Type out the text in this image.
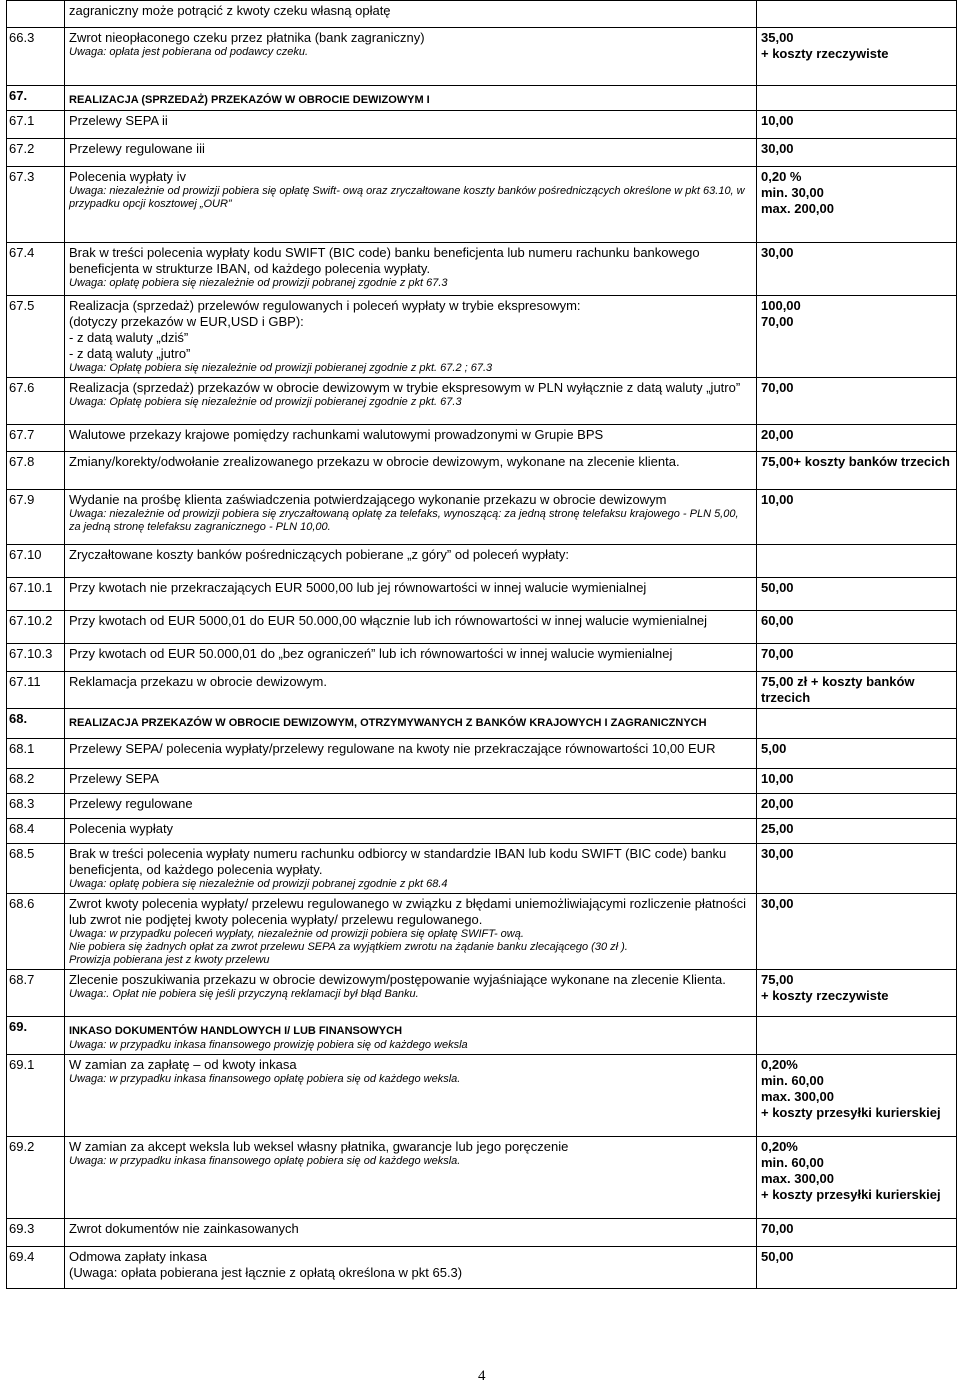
	zagraniczny może potrącić z kwoty czeku własną opłatę	

66.3	Zwrot nieopłaconego czeku przez płatnika (bank zagraniczny)
Uwaga: opłata jest pobierana od podawcy czeku.	35,00
+ koszty rzeczywiste
67.	REALIZACJA (SPRZEDAŻ) PRZEKAZÓW W OBROCIE DEWIZOWYM I	

67.1	Przelewy SEPA ii	10,00
67.2	Przelewy regulowane iii	30,00
67.3	Polecenia wypłaty iv
Uwaga: niezależnie od prowizji pobiera się opłatę Swift- ową oraz zryczałtowane koszty banków pośredniczących określone w pkt 63.10, w przypadku opcji kosztowej „OUR”	0,20 %
min. 30,00
max. 200,00
67.4	Brak w treści polecenia wypłaty kodu SWIFT (BIC code) banku beneficjenta lub numeru rachunku bankowego beneficjenta w strukturze IBAN, od każdego polecenia wypłaty.
Uwaga: opłatę pobiera się niezależnie od prowizji pobranej zgodnie z pkt 67.3	30,00
67.5	Realizacja (sprzedaż) przelewów regulowanych i poleceń wypłaty w trybie ekspresowym:
(dotyczy przekazów w EUR,USD i GBP):
- z datą waluty „dziś”
- z datą waluty „jutro”
Uwaga: Opłatę pobiera się niezależnie od prowizji pobieranej zgodnie z pkt. 67.2 ; 67.3	100,00
70,00
67.6	Realizacja (sprzedaż) przekazów w obrocie dewizowym w trybie ekspresowym w PLN wyłącznie z datą waluty „jutro”
Uwaga: Opłatę pobiera się niezależnie od prowizji pobieranej zgodnie z pkt. 67.3	70,00
67.7	Walutowe przekazy krajowe pomiędzy rachunkami walutowymi prowadzonymi w Grupie BPS	20,00
67.8	Zmiany/korekty/odwołanie zrealizowanego przekazu w obrocie dewizowym, wykonane na zlecenie klienta.	75,00+ koszty banków trzecich
67.9	Wydanie na prośbę klienta zaświadczenia potwierdzającego wykonanie przekazu w obrocie dewizowym
Uwaga: niezależnie od prowizji pobiera się zryczałtowaną opłatę za telefaks, wynoszącą: za jedną stronę telefaksu krajowego - PLN 5,00, za jedną stronę telefaksu zagranicznego - PLN 10,00.	10,00
67.10	Zryczałtowane koszty banków pośredniczących pobierane „z góry” od poleceń wypłaty:	

67.10.1	Przy kwotach nie przekraczających EUR 5000,00 lub jej równowartości w innej walucie wymienialnej	50,00
67.10.2	Przy kwotach od EUR 5000,01 do EUR 50.000,00 włącznie lub ich równowartości w innej walucie wymienialnej	60,00
67.10.3	Przy kwotach od EUR 50.000,01 do „bez ograniczeń” lub ich równowartości w innej walucie wymienialnej	70,00
67.11	Reklamacja przekazu w obrocie dewizowym.	75,00 zł + koszty banków trzecich
68.	REALIZACJA PRZEKAZÓW W OBROCIE DEWIZOWYM, OTRZYMYWANYCH Z BANKÓW KRAJOWYCH I ZAGRANICZNYCH	

68.1	Przelewy SEPA/ polecenia wypłaty/przelewy regulowane na kwoty nie przekraczające równowartości 10,00 EUR	5,00
68.2	Przelewy SEPA	10,00
68.3	Przelewy regulowane	20,00
68.4	Polecenia wypłaty	25,00
68.5	Brak w treści polecenia wypłaty numeru rachunku odbiorcy w standardzie IBAN lub kodu SWIFT (BIC code) banku beneficjenta, od każdego polecenia wypłaty.
Uwaga: opłatę pobiera się niezależnie od prowizji pobranej zgodnie z pkt 68.4	30,00
68.6	Zwrot kwoty polecenia wypłaty/ przelewu regulowanego w związku z błędami uniemożliwiającymi rozliczenie płatności lub zwrot nie podjętej kwoty polecenia wypłaty/ przelewu regulowanego.
Uwaga: w przypadku poleceń wypłaty, niezależnie od prowizji pobiera się opłatę SWIFT- ową.
Nie pobiera się żadnych opłat za zwrot przelewu SEPA za wyjątkiem zwrotu na żądanie banku zlecającego (30 zł ).
Prowizja pobierana jest z kwoty przelewu	30,00
68.7	Zlecenie poszukiwania przekazu w obrocie dewizowym/postępowanie wyjaśniające wykonane na zlecenie Klienta.
Uwaga:. Opłat nie pobiera się jeśli przyczyną reklamacji był błąd Banku.	75,00
+ koszty rzeczywiste
69.	INKASO DOKUMENTÓW HANDLOWYCH I/ LUB FINANSOWYCH
Uwaga: w przypadku inkasa finansowego prowizję pobiera się od każdego weksla	

69.1	W zamian za zapłatę – od kwoty inkasa
Uwaga: w przypadku inkasa finansowego opłatę pobiera się od każdego weksla.	0,20%
min. 60,00
max. 300,00
+ koszty przesyłki kurierskiej
69.2	W zamian za akcept weksla lub weksel własny płatnika, gwarancje lub jego poręczenie
Uwaga: w przypadku inkasa finansowego opłatę pobiera się od każdego weksla.	0,20%
min. 60,00
max. 300,00
+ koszty przesyłki kurierskiej
69.3	Zwrot dokumentów nie zainkasowanych	70,00
69.4	Odmowa zapłaty inkasa
(Uwaga: opłata pobierana jest łącznie z opłatą określona w pkt 65.3)	50,00
4
